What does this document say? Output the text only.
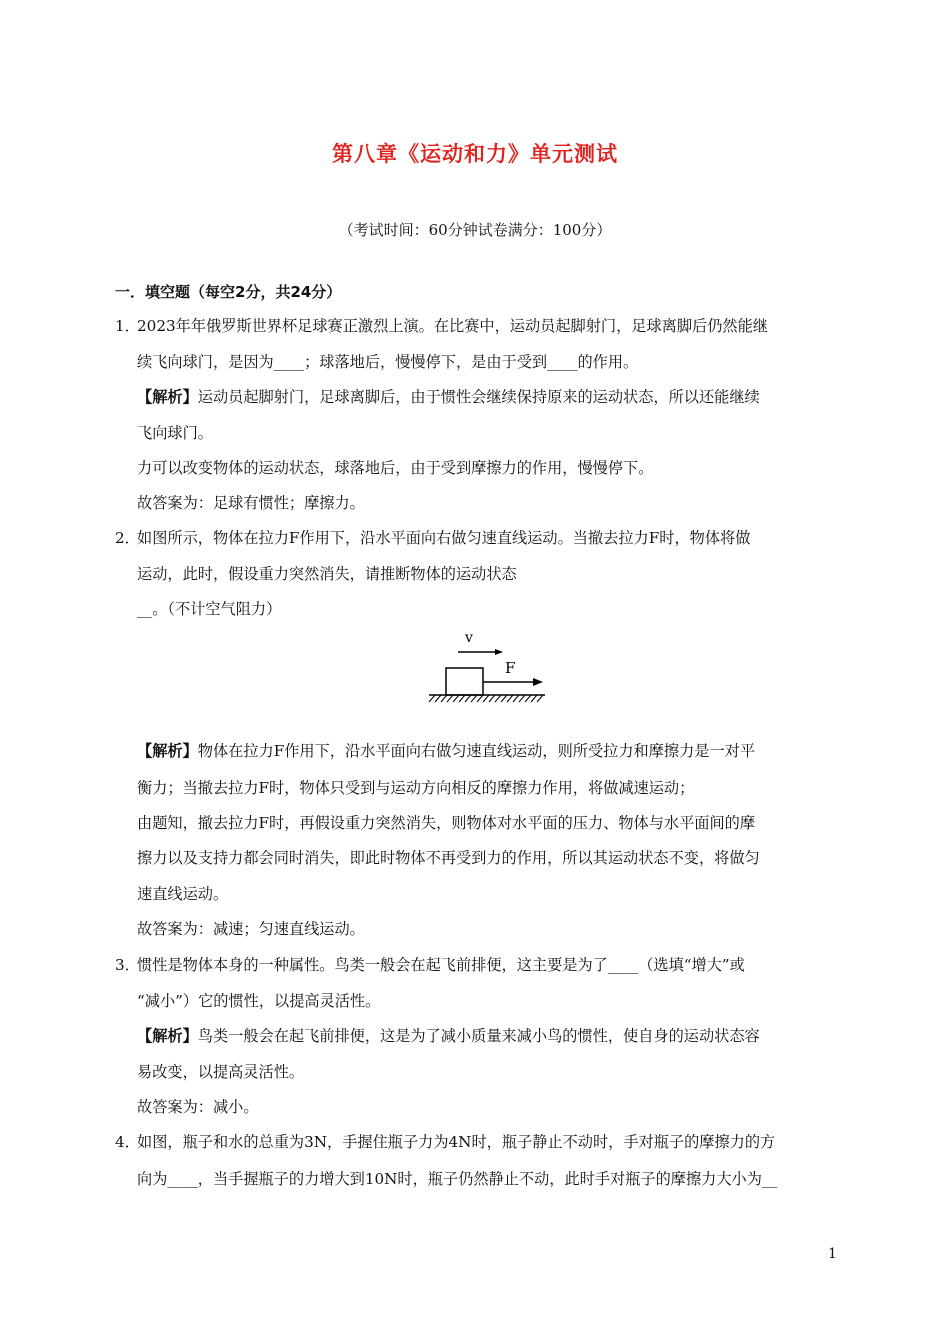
第八章《运动和力》单元测试
（考试时间：60分钟试卷满分：100分）
一．填空题（每空2分，共24分）
1．
2023年年俄罗斯世界杯足球赛正激烈上演。在比赛中，运动员起脚射门，足球离脚后仍然能继
续飞向球门，是因为____；球落地后，慢慢停下，是由于受到____的作用。
【解析】运动员起脚射门，足球离脚后，由于惯性会继续保持原来的运动状态，所以还能继续
飞向球门。
力可以改变物体的运动状态，球落地后，由于受到摩擦力的作用，慢慢停下。
故答案为：足球有惯性；摩擦力。
2．
如图所示，物体在拉力F作用下，沿水平面向右做匀速直线运动。当撤去拉力F时，物体将做
运动，此时，假设重力突然消失，请推断物体的运动状态
__。（不计空气阻力）
v
F
【解析】物体在拉力F作用下，沿水平面向右做匀速直线运动，则所受拉力和摩擦力是一对平
衡力；当撤去拉力F时，物体只受到与运动方向相反的摩擦力作用，将做减速运动；
由题知，撤去拉力F时，再假设重力突然消失，则物体对水平面的压力、物体与水平面间的摩
擦力以及支持力都会同时消失，即此时物体不再受到力的作用，所以其运动状态不变，将做匀
速直线运动。
故答案为：减速；匀速直线运动。
3．
惯性是物体本身的一种属性。鸟类一般会在起飞前排便，这主要是为了____（选填“增大”或
“减小”）它的惯性，以提高灵活性。
【解析】鸟类一般会在起飞前排便，这是为了减小质量来减小鸟的惯性，使自身的运动状态容
易改变，以提高灵活性。
故答案为：减小。
4．
如图，瓶子和水的总重为3N，手握住瓶子力为4N时，瓶子静止不动时，手对瓶子的摩擦力的方
向为____，当手握瓶子的力增大到10N时，瓶子仍然静止不动，此时手对瓶子的摩擦力大小为__
1
